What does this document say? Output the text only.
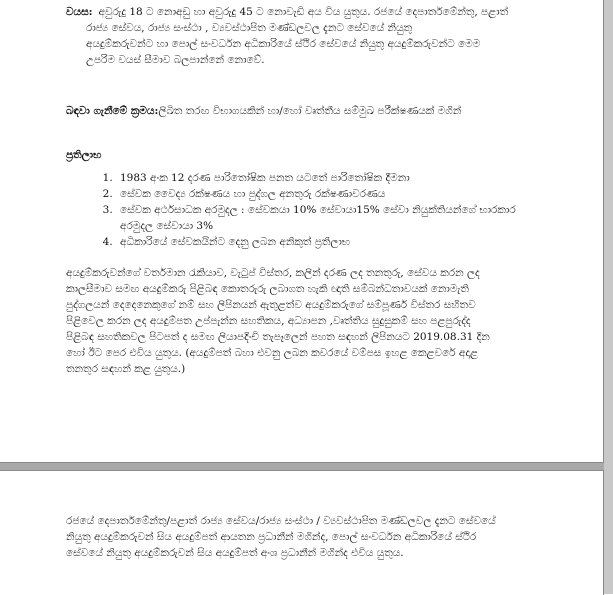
වයස: අවුරුදු 18 ට නොඅඩු හා අවුරුදු 45 ට නොවැඩි අය විය යුතුය. රජයේ දෙපාර්තමේන්තු, පළාත්
රාජ්‍ය සේවය, රාජ්‍ය සංස්ථා , ව්‍යවස්ථාපිත මණ්ඩලවල දැනට සේවයේ නියුතු
අයදුම්කරුවන්ට හා පොල් සංවර්ධන අධිකාරියේ ස්ථිර සේවයේ නියුතු අයදුම්කරුවන්ට මෙම
උපරිම වයස් සීමාව බලපාන්නේ නොවේ.
බඳවා ගැනීමේ ක්‍රමය:ලිඛිත තරඟ විභාගයකින් හා/හෝ වෘත්තීය සම්මුඛ පරීක්ෂණයක් මගින්
ප්‍රතිලාභ
1. 1983 අංක 12 දරණ පාරිතෝෂික පනත යටතේ පාරිතෝෂික දීමනා
2. සේවක වෛද්‍ය රක්ෂණය හා පුද්ගල අනතුරු රක්ෂණාවරණය
3. සේවක අර්ථසාධක අරමුදල : සේවකයා 10% සේවායා15% සේවා නියුක්තියන්ගේ භාරකාර
අරමුදල සේවායා 3%
4. අධිකාරියේ සේවකයින්ට දෙනු ලබන අනිකුත් ප්‍රතිලාභ
අයදුම්කරුවන්ගේ වර්තමාන රැකියාව, වැටුප් විස්තර, කලින් දරණ ලද තනතුරු, සේවය කරන ලද
කාලසීමාව සමඟ අයදුම්කරු පිළිබඳ කොතරුරු ලබාගත හැකි ඥාති සම්බන්ධතාවයක් නොමැති
පුද්ගලයන් දෙදෙනෙකුගේ නම් සහ ලිපිනයන් ඇතුළත්ව අයදුම්කරුගේ සම්පූර්ණ විස්තර සහිතව
පිළිවෙල කරන ලද අයදුම්පත උප්පැන්න සහතිකය, අධ්‍යාපන ,වෘත්තිය සුදුසුකම් සහ පළපුරුද්ද
පිළිබඳ සහතිකවල පිටපත් ද සමඟ ලියාපදිංචි තැපෑලෙන් පහත සඳහන් ලිපිනයට 2019.08.31 දින
හෝ ඊට පෙර එවිය යුතුය. (අයදුම්පත් බහා එවනු ලබන කවරයේ වම්පස ඉහළ කෙළවරේ අදාළ
තනතුර සඳහන් කළ යුතුය.)
රජයේ දෙපාර්තමේන්තු/පළාත් රාජ්‍ය සේවය/රාජ්‍ය සංස්ථා / ව්‍යවස්ථාපිත මණ්ඩලවල දැනට සේවයේ
නියුතු අයදුම්කරුවන් සිය අයදුම්පත් ආයතන ප්‍රධානීන් මගින්ද, පොල් සංවර්ධන අධිකාරියේ ස්ථිර
සේවයේ නියුතු අයදුම්කරුවන් සිය අයදුම්පත් අංශ ප්‍රධානීන් මගින්ද එවිය යුතුය.
